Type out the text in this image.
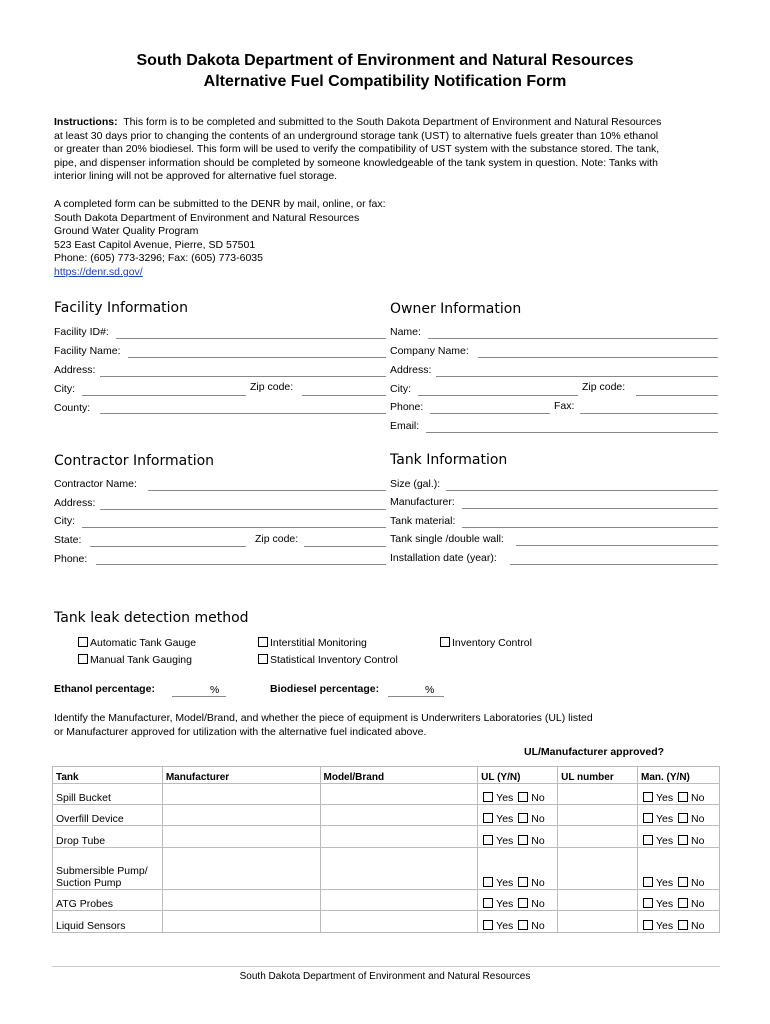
South Dakota Department of Environment and Natural Resources
Alternative Fuel Compatibility Notification Form
Instructions: This form is to be completed and submitted to the South Dakota Department of Environment and Natural Resources
at least 30 days prior to changing the contents of an underground storage tank (UST) to alternative fuels greater than 10% ethanol
or greater than 20% biodiesel. This form will be used to verify the compatibility of UST system with the substance stored. The tank,
pipe, and dispenser information should be completed by someone knowledgeable of the tank system in question. Note: Tanks with
interior lining will not be approved for alternative fuel storage.
A completed form can be submitted to the DENR by mail, online, or fax:
South Dakota Department of Environment and Natural Resources
Ground Water Quality Program
523 East Capitol Avenue, Pierre, SD 57501
Phone: (605) 773-3296; Fax: (605) 773-6035
https://denr.sd.gov/
Facility Information
Facility ID#:
Facility Name:
Address:
City:	Zip code:
County:
Owner Information
Name:
Company Name:
Address:
City:	Zip code:
Phone:	Fax:
Email:
Contractor Information
Contractor Name:
Address:
City:
State:	Zip code:
Phone:
Tank Information
Size (gal.):
Manufacturer:
Tank material:
Tank single /double wall:
Installation date (year):
Tank leak detection method
Automatic Tank Gauge
Manual Tank Gauging
Interstitial Monitoring
Statistical Inventory Control
Inventory Control
Ethanol percentage:	%	Biodiesel percentage:	%
Identify the Manufacturer, Model/Brand, and whether the piece of equipment is Underwriters Laboratories (UL) listed
or Manufacturer approved for utilization with the alternative fuel indicated above.
UL/Manufacturer approved?
Tank	Manufacturer	Model/Brand	UL (Y/N)	UL number	Man. (Y/N)

Spill Bucket			Yes No		Yes No

Overfill Device			Yes No		Yes No

Drop Tube			Yes No		Yes No

Submersible Pump/
Suction Pump			Yes No		Yes No

ATG Probes			Yes No		Yes No

Liquid Sensors			Yes No		Yes No
South Dakota Department of Environment and Natural Resources
